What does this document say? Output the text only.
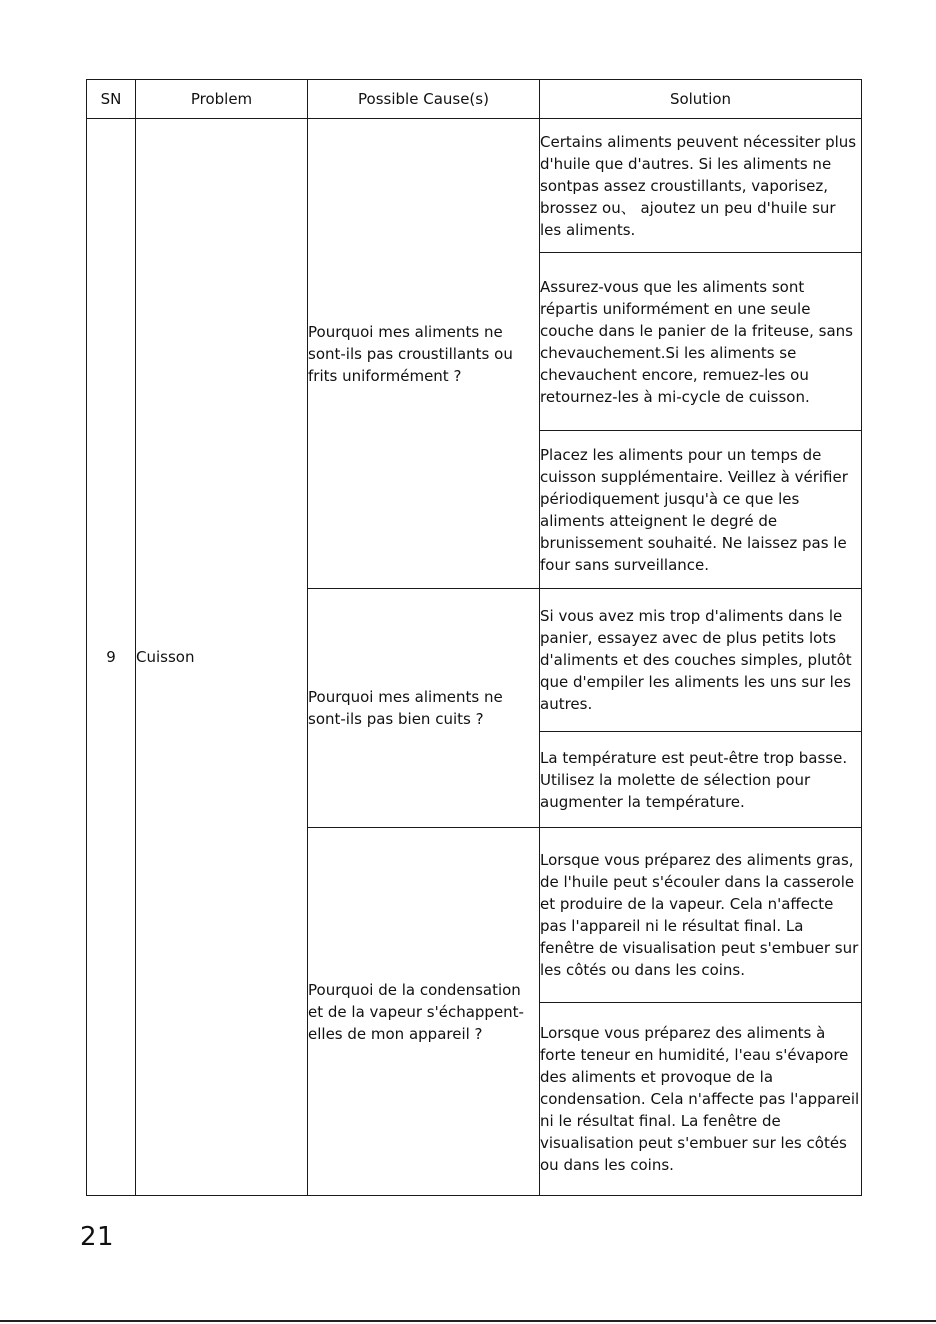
SN	Problem	Possible Cause(s)	Solution
9	Cuisson	Pourquoi mes aliments ne sont-ils pas croustillants ou frits uniformément ?	Certains aliments peuvent nécessiter plus d'huile que d'autres. Si les aliments ne sontpas assez croustillants, vaporisez, brossez ou、 ajoutez un peu d'huile sur les aliments.
			Assurez-vous que les aliments sont répartis uniformément en une seule couche dans le panier de la friteuse, sans chevauchement.Si les aliments se chevauchent encore, remuez-les ou retournez-les à mi-cycle de cuisson.
			Placez les aliments pour un temps de cuisson supplémentaire. Veillez à vérifier périodiquement jusqu'à ce que les aliments atteignent le degré de brunissement souhaité. Ne laissez pas le four sans surveillance.
		Pourquoi mes aliments ne sont-ils pas bien cuits ?	Si vous avez mis trop d'aliments dans le panier, essayez avec de plus petits lots d'aliments et des couches simples, plutôt que d'empiler les aliments les uns sur les autres.
			La température est peut-être trop basse. Utilisez la molette de sélection pour augmenter la température.
		Pourquoi de la condensation et de la vapeur s'échappent-elles de mon appareil ?	Lorsque vous préparez des aliments gras, de l'huile peut s'écouler dans la casserole et produire de la vapeur. Cela n'affecte pas l'appareil ni le résultat final. La fenêtre de visualisation peut s'embuer sur les côtés ou dans les coins.
			Lorsque vous préparez des aliments à forte teneur en humidité, l'eau s'évapore des aliments et provoque de la condensation. Cela n'affecte pas l'appareil ni le résultat final. La fenêtre de visualisation peut s'embuer sur les côtés ou dans les coins.
21
